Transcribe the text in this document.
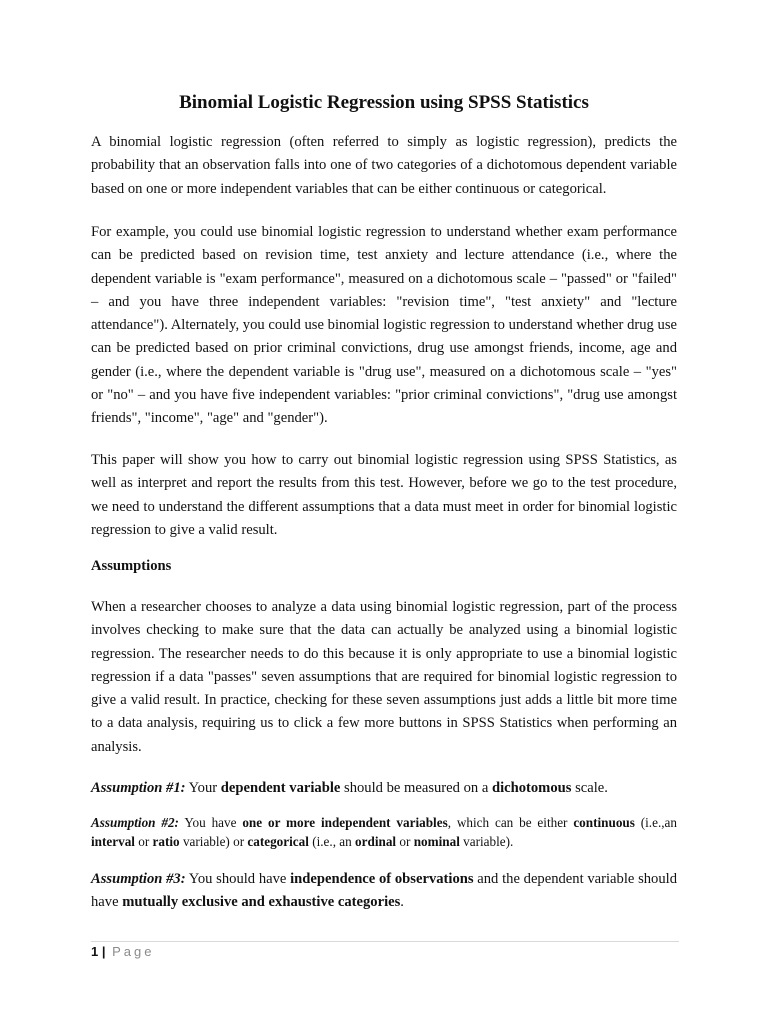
Binomial Logistic Regression using SPSS Statistics

A binomial logistic regression (often referred to simply as logistic regression), predicts the probability that an observation falls into one of two categories of a dichotomous dependent variable based on one or more independent variables that can be either continuous or categorical.

For example, you could use binomial logistic regression to understand whether exam performance can be predicted based on revision time, test anxiety and lecture attendance (i.e., where the dependent variable is "exam performance", measured on a dichotomous scale – "passed" or "failed" – and you have three independent variables: "revision time", "test anxiety" and "lecture attendance"). Alternately, you could use binomial logistic regression to understand whether drug use can be predicted based on prior criminal convictions, drug use amongst friends, income, age and gender (i.e., where the dependent variable is "drug use", measured on a dichotomous scale – "yes" or "no" – and you have five independent variables: "prior criminal convictions", "drug use amongst friends", "income", "age" and "gender").

This paper will show you how to carry out binomial logistic regression using SPSS Statistics, as well as interpret and report the results from this test. However, before we go to the test procedure, we need to understand the different assumptions that a data must meet in order for binomial logistic regression to give a valid result.

Assumptions

When a researcher chooses to analyze a data using binomial logistic regression, part of the process involves checking to make sure that the data can actually be analyzed using a binomial logistic regression. The researcher needs to do this because it is only appropriate to use a binomial logistic regression if a data "passes" seven assumptions that are required for binomial logistic regression to give a valid result. In practice, checking for these seven assumptions just adds a little bit more time to a data analysis, requiring us to click a few more buttons in SPSS Statistics when performing an analysis.

Assumption #1: Your dependent variable should be measured on a dichotomous scale.

Assumption #2: You have one or more independent variables, which can be either continuous (i.e.,an interval or ratio variable) or categorical (i.e., an ordinal or nominal variable).

Assumption #3: You should have independence of observations and the dependent variable should have mutually exclusive and exhaustive categories.

1 | Page
